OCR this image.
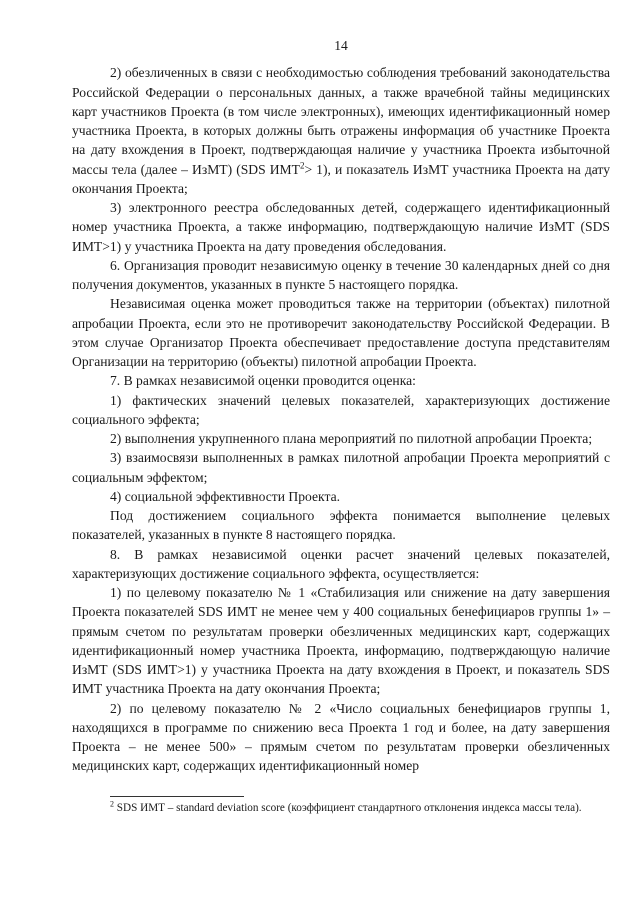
14

2) обезличенных в связи с необходимостью соблюдения требований законодательства Российской Федерации о персональных данных, а также врачебной тайны медицинских карт участников Проекта (в том числе электронных), имеющих идентификационный номер участника Проекта, в которых должны быть отражены информация об участнике Проекта на дату вхождения в Проект, подтверждающая наличие у участника Проекта избыточной массы тела (далее – ИзМТ) (SDS $ИМТ^2> 1$), и показатель ИзМТ участника Проекта на дату окончания Проекта;

3) электронного реестра обследованных детей, содержащего идентификационный номер участника Проекта, а также информацию, подтверждающую наличие ИзМТ (SDS ИМТ>1) у участника Проекта на дату проведения обследования.

6. Организация проводит независимую оценку в течение 30 календарных дней со дня получения документов, указанных в пункте 5 настоящего порядка.

Независимая оценка может проводиться также на территории (объектах) пилотной апробации Проекта, если это не противоречит законодательству Российской Федерации. В этом случае Организатор Проекта обеспечивает предоставление доступа представителям Организации на территорию (объекты) пилотной апробации Проекта.

7. В рамках независимой оценки проводится оценка:

1) фактических значений целевых показателей, характеризующих достижение социального эффекта;

2) выполнения укрупненного плана мероприятий по пилотной апробации Проекта;

3) взаимосвязи выполненных в рамках пилотной апробации Проекта мероприятий с социальным эффектом;

4) социальной эффективности Проекта.

Под достижением социального эффекта понимается выполнение целевых показателей, указанных в пункте 8 настоящего порядка.

8. В рамках независимой оценки расчет значений целевых показателей, характеризующих достижение социального эффекта, осуществляется:

1) по целевому показателю № 1 «Стабилизация или снижение на дату завершения Проекта показателей SDS ИМТ не менее чем у 400 социальных бенефициаров группы 1» – прямым счетом по результатам проверки обезличенных медицинских карт, содержащих идентификационный номер участника Проекта, информацию, подтверждающую наличие ИзМТ (SDS ИМТ>1) у участника Проекта на дату вхождения в Проект, и показатель SDS ИМТ участника Проекта на дату окончания Проекта;

2) по целевому показателю № 2 «Число социальных бенефициаров группы 1, находящихся в программе по снижению веса Проекта 1 год и более, на дату завершения Проекта – не менее 500» – прямым счетом по результатам проверки обезличенных медицинских карт, содержащих идентификационный номер

$^2$ SDS ИМТ – standard deviation score (коэффициент стандартного отклонения индекса массы тела).
